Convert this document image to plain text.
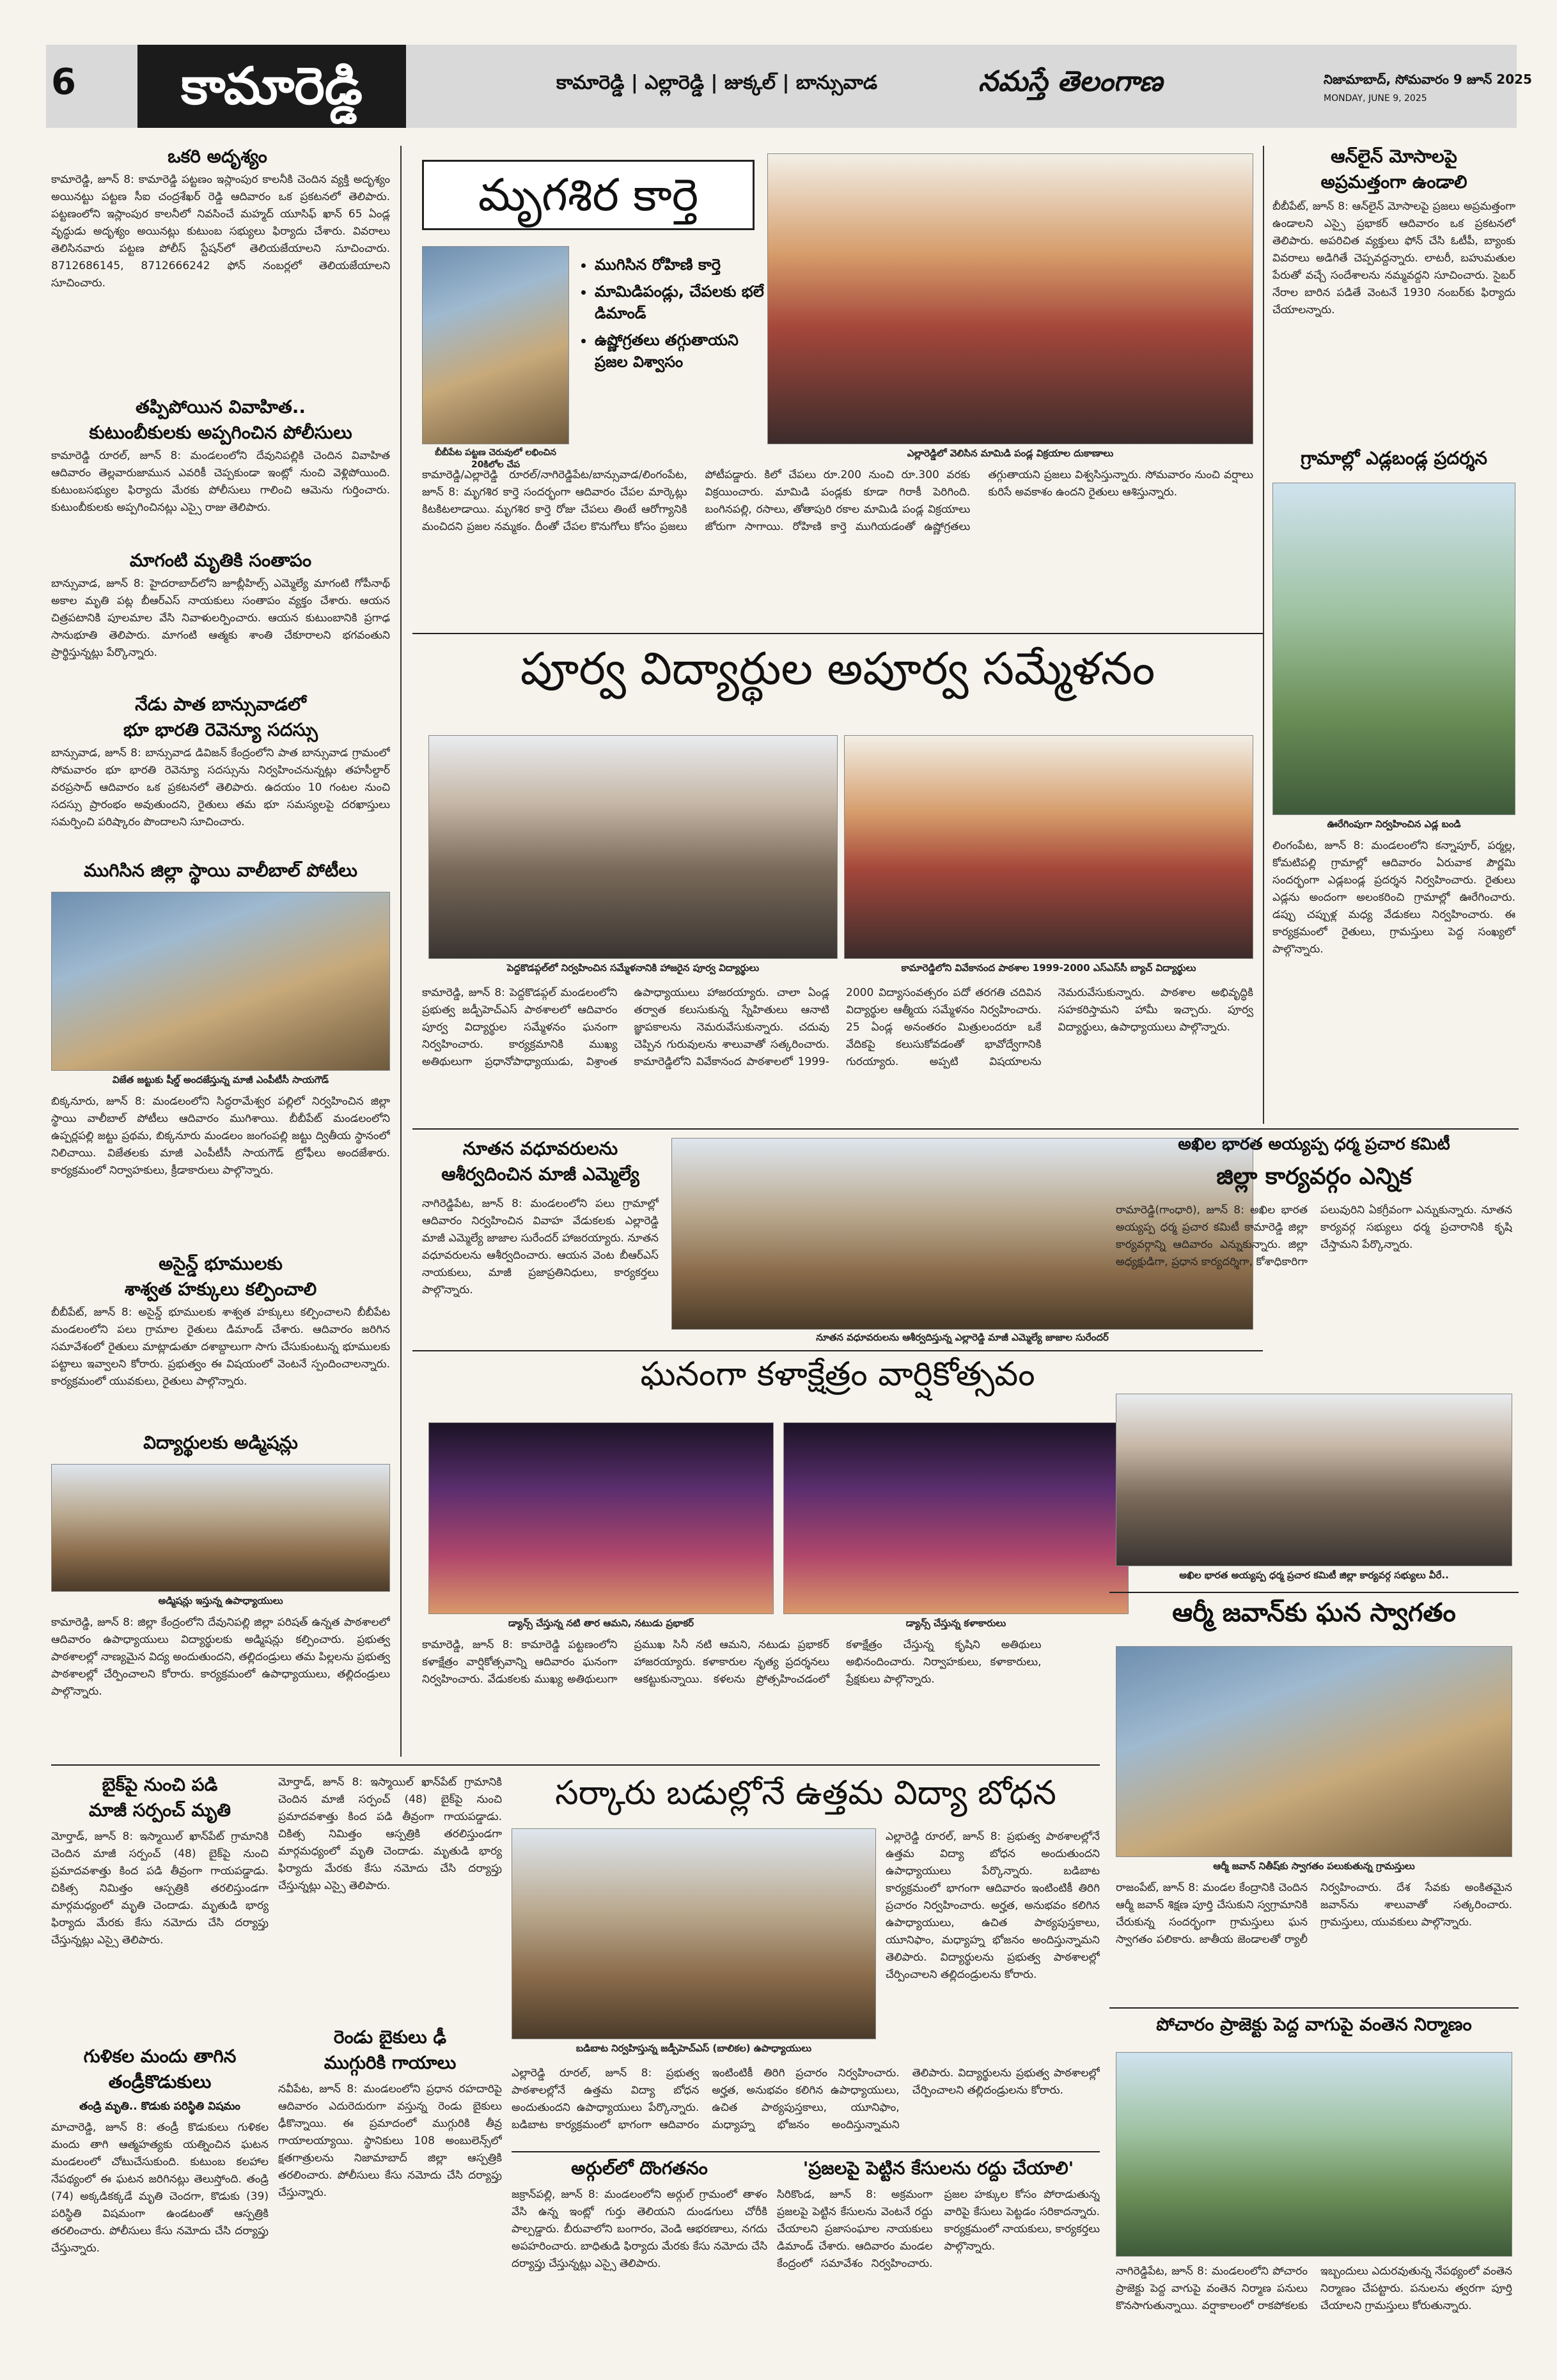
6	కామారెడ్డి	కామారెడ్డి | ఎల్లారెడ్డి | జుక్కల్ | బాన్సువాడ	నమస్తే తెలంగాణ	నిజామాబాద్, సోమవారం 9 జూన్ 2025
MONDAY, JUNE 9, 2025
ఒకరి అదృశ్యం
కామారెడ్డి, జూన్ 8: కామారెడ్డి పట్టణం ఇస్లాంపుర కాలనీకి చెందిన వ్యక్తి అదృశ్యం అయినట్టు పట్టణ సీఐ చంద్రశేఖర్ రెడ్డి ఆదివారం ఒక ప్రకటనలో తెలిపారు. పట్టణంలోని ఇస్లాంపుర కాలనీలో నివసించే మహ్మద్ యూసిఫ్ ఖాన్ 65 ఏండ్ల వృద్ధుడు అదృశ్యం అయినట్లు కుటుంబ సభ్యులు ఫిర్యాదు చేశారు. వివరాలు తెలిసినవారు పట్టణ పోలీస్ స్టేషన్‌లో తెలియజేయాలని సూచించారు. 8712686145, 8712666242 ఫోన్ నంబర్లలో తెలియజేయాలని సూచించారు.
తప్పిపోయిన వివాహిత..
కుటుంబీకులకు అప్పగించిన పోలీసులు
కామారెడ్డి రూరల్, జూన్ 8: మండలంలోని దేవునిపల్లికి చెందిన వివాహిత ఆదివారం తెల్లవారుజామున ఎవరికీ చెప్పకుండా ఇంట్లో నుంచి వెళ్లిపోయింది. కుటుంబసభ్యుల ఫిర్యాదు మేరకు పోలీసులు గాలించి ఆమెను గుర్తించారు. కుటుంబీకులకు అప్పగించినట్లు ఎస్సై రాజు తెలిపారు.
మాగంటి మృతికి సంతాపం
బాన్సువాడ, జూన్ 8: హైదరాబాద్‌లోని జూబ్లీహిల్స్ ఎమ్మెల్యే మాగంటి గోపీనాథ్ అకాల మృతి పట్ల బీఆర్ఎస్ నాయకులు సంతాపం వ్యక్తం చేశారు. ఆయన చిత్రపటానికి పూలమాల వేసి నివాళులర్పించారు. ఆయన కుటుంబానికి ప్రగాఢ సానుభూతి తెలిపారు. మాగంటి ఆత్మకు శాంతి చేకూరాలని భగవంతుని ప్రార్థిస్తున్నట్లు పేర్కొన్నారు.
నేడు పాత బాన్సువాడలో
భూ భారతి రెవెన్యూ సదస్సు
బాన్సువాడ, జూన్ 8: బాన్సువాడ డివిజన్ కేంద్రంలోని పాత బాన్సువాడ గ్రామంలో సోమవారం భూ భారతి రెవెన్యూ సదస్సును నిర్వహించనున్నట్లు తహసీల్దార్ వరప్రసాద్ ఆదివారం ఒక ప్రకటనలో తెలిపారు. ఉదయం 10 గంటల నుంచి సదస్సు ప్రారంభం అవుతుందని, రైతులు తమ భూ సమస్యలపై దరఖాస్తులు సమర్పించి పరిష్కారం పొందాలని సూచించారు.
ముగిసిన జిల్లా స్థాయి వాలీబాల్ పోటీలు
విజేత జట్టుకు షీల్డ్ అందజేస్తున్న మాజీ ఎంపీటీసీ సాయగౌడ్
బిక్కనూరు, జూన్ 8: మండలంలోని సిద్ధరామేశ్వర పల్లిలో నిర్వహించిన జిల్లా స్థాయి వాలీబాల్ పోటీలు ఆదివారం ముగిశాయి. బీబీపేట్ మండలంలోని ఉప్పర్లపల్లి జట్టు ప్రథమ, బిక్కనూరు మండలం జంగంపల్లి జట్టు ద్వితీయ స్థానంలో నిలిచాయి. విజేతలకు మాజీ ఎంపీటీసీ సాయగౌడ్ ట్రోఫీలు అందజేశారు. కార్యక్రమంలో నిర్వాహకులు, క్రీడాకారులు పాల్గొన్నారు.
అసైన్డ్ భూములకు
శాశ్వత హక్కులు కల్పించాలి
బీబీపేట్, జూన్ 8: అసైన్డ్ భూములకు శాశ్వత హక్కులు కల్పించాలని బీబీపేట మండలంలోని పలు గ్రామాల రైతులు డిమాండ్ చేశారు. ఆదివారం జరిగిన సమావేశంలో రైతులు మాట్లాడుతూ దశాబ్దాలుగా సాగు చేసుకుంటున్న భూములకు పట్టాలు ఇవ్వాలని కోరారు. ప్రభుత్వం ఈ విషయంలో వెంటనే స్పందించాలన్నారు. కార్యక్రమంలో యువకులు, రైతులు పాల్గొన్నారు.
విద్యార్థులకు అడ్మిషన్లు
అడ్మిషన్లు ఇస్తున్న ఉపాధ్యాయులు
కామారెడ్డి, జూన్ 8: జిల్లా కేంద్రంలోని దేవునిపల్లి జిల్లా పరిషత్ ఉన్నత పాఠశాలలో ఆదివారం ఉపాధ్యాయులు విద్యార్థులకు అడ్మిషన్లు కల్పించారు. ప్రభుత్వ పాఠశాలల్లో నాణ్యమైన విద్య అందుతుందని, తల్లిదండ్రులు తమ పిల్లలను ప్రభుత్వ పాఠశాలల్లో చేర్పించాలని కోరారు. కార్యక్రమంలో ఉపాధ్యాయులు, తల్లిదండ్రులు పాల్గొన్నారు.
మృగశిర కార్తె
బీబీపేట పట్టణ చెరువులో లభించిన 20కిలోల చేప
• ముగిసిన రోహిణి కార్తె
• మామిడిపండ్లు, చేపలకు భలే డిమాండ్
• ఉష్ణోగ్రతలు తగ్గుతాయని ప్రజల విశ్వాసం
ఎల్లారెడ్డిలో వెలిసిన మామిడి పండ్ల విక్రయాల దుకాణాలు
కామారెడ్డి/ఎల్లారెడ్డి రూరల్/నాగిరెడ్డిపేట/బాన్సువాడ/లింగంపేట, జూన్ 8: మృగశిర కార్తె సందర్భంగా ఆదివారం చేపల మార్కెట్లు కిటకిటలాడాయి. మృగశిర కార్తె రోజు చేపలు తింటే ఆరోగ్యానికి మంచిదని ప్రజల నమ్మకం. దీంతో చేపల కొనుగోలు కోసం ప్రజలు పోటీపడ్డారు. కిలో చేపలు రూ.200 నుంచి రూ.300 వరకు విక్రయించారు. మామిడి పండ్లకు కూడా గిరాకీ పెరిగింది. బంగినపల్లి, రసాలు, తోతాపురి రకాల మామిడి పండ్ల విక్రయాలు జోరుగా సాగాయి. రోహిణి కార్తె ముగియడంతో ఉష్ణోగ్రతలు తగ్గుతాయని ప్రజలు విశ్వసిస్తున్నారు. సోమవారం నుంచి వర్షాలు కురిసే అవకాశం ఉందని రైతులు ఆశిస్తున్నారు.
పూర్వ విద్యార్థుల అపూర్వ సమ్మేళనం
పెద్దకొడప్గల్‌లో నిర్వహించిన సమ్మేళనానికి హాజరైన పూర్వ విద్యార్థులు	కామారెడ్డిలోని వివేకానంద పాఠశాల 1999-2000 ఎస్ఎస్‌సీ బ్యాచ్ విద్యార్థులు
కామారెడ్డి, జూన్ 8: పెద్దకొడప్గల్ మండలంలోని ప్రభుత్వ జడ్పీహెచ్ఎస్ పాఠశాలలో ఆదివారం పూర్వ విద్యార్థుల సమ్మేళనం ఘనంగా నిర్వహించారు. కార్యక్రమానికి ముఖ్య అతిథులుగా ప్రధానోపాధ్యాయుడు, విశ్రాంత ఉపాధ్యాయులు హాజరయ్యారు. చాలా ఏండ్ల తర్వాత కలుసుకున్న స్నేహితులు ఆనాటి జ్ఞాపకాలను నెమరువేసుకున్నారు. చదువు చెప్పిన గురువులను శాలువాతో సత్కరించారు. కామారెడ్డిలోని వివేకానంద పాఠశాలలో 1999-2000 విద్యాసంవత్సరం పదో తరగతి చదివిన విద్యార్థుల ఆత్మీయ సమ్మేళనం నిర్వహించారు. 25 ఏండ్ల అనంతరం మిత్రులందరూ ఒకే వేదికపై కలుసుకోవడంతో భావోద్వేగానికి గురయ్యారు. అప్పటి విషయాలను నెమరువేసుకున్నారు. పాఠశాల అభివృద్ధికి సహకరిస్తామని హామీ ఇచ్చారు. పూర్వ విద్యార్థులు, ఉపాధ్యాయులు పాల్గొన్నారు.
నూతన వధూవరులను
ఆశీర్వదించిన మాజీ ఎమ్మెల్యే
నాగిరెడ్డిపేట, జూన్ 8: మండలంలోని పలు గ్రామాల్లో ఆదివారం నిర్వహించిన వివాహ వేడుకలకు ఎల్లారెడ్డి మాజీ ఎమ్మెల్యే జాజాల సురేందర్ హాజరయ్యారు. నూతన వధూవరులను ఆశీర్వదించారు. ఆయన వెంట బీఆర్ఎస్ నాయకులు, మాజీ ప్రజాప్రతినిధులు, కార్యకర్తలు పాల్గొన్నారు.
నూతన వధూవరులను ఆశీర్వదిస్తున్న ఎల్లారెడ్డి మాజీ ఎమ్మెల్యే జాజాల సురేందర్
ఘనంగా కళాక్షేత్రం వార్షికోత్సవం
డ్యాన్స్ చేస్తున్న నటి తార ఆమని, నటుడు ప్రభాకర్	డ్యాన్స్ చేస్తున్న కళాకారులు
కామారెడ్డి, జూన్ 8: కామారెడ్డి పట్టణంలోని కళాక్షేత్రం వార్షికోత్సవాన్ని ఆదివారం ఘనంగా నిర్వహించారు. వేడుకలకు ముఖ్య అతిథులుగా ప్రముఖ సినీ నటి ఆమని, నటుడు ప్రభాకర్ హాజరయ్యారు. కళాకారుల నృత్య ప్రదర్శనలు ఆకట్టుకున్నాయి. కళలను ప్రోత్సహించడంలో కళాక్షేత్రం చేస్తున్న కృషిని అతిథులు అభినందించారు. నిర్వాహకులు, కళాకారులు, ప్రేక్షకులు పాల్గొన్నారు.
ఆన్‌లైన్ మోసాలపై
అప్రమత్తంగా ఉండాలి
బీబీపేట్, జూన్ 8: ఆన్‌లైన్ మోసాలపై ప్రజలు అప్రమత్తంగా ఉండాలని ఎస్సై ప్రభాకర్ ఆదివారం ఒక ప్రకటనలో తెలిపారు. అపరిచిత వ్యక్తులు ఫోన్ చేసి ఓటీపీ, బ్యాంకు వివరాలు అడిగితే చెప్పవద్దన్నారు. లాటరీ, బహుమతుల పేరుతో వచ్చే సందేశాలను నమ్మవద్దని సూచించారు. సైబర్ నేరాల బారిన పడితే వెంటనే 1930 నంబర్‌కు ఫిర్యాదు చేయాలన్నారు.
గ్రామాల్లో ఎడ్లబండ్ల ప్రదర్శన
ఊరేగింపుగా నిర్వహించిన ఎడ్ల బండి
లింగంపేట, జూన్ 8: మండలంలోని కన్నాపూర్, పర్మల్ల, కోమటిపల్లి గ్రామాల్లో ఆదివారం ఏరువాక పౌర్ణమి సందర్భంగా ఎడ్లబండ్ల ప్రదర్శన నిర్వహించారు. రైతులు ఎడ్లను అందంగా అలంకరించి గ్రామాల్లో ఊరేగించారు. డప్పు చప్పుళ్ల మధ్య వేడుకలు నిర్వహించారు. ఈ కార్యక్రమంలో రైతులు, గ్రామస్తులు పెద్ద సంఖ్యలో పాల్గొన్నారు.
అఖిల భారత అయ్యప్ప ధర్మ ప్రచార కమిటీ
జిల్లా కార్యవర్గం ఎన్నిక
రామారెడ్డి(గాంధారి), జూన్ 8: అఖిల భారత అయ్యప్ప ధర్మ ప్రచార కమిటీ కామారెడ్డి జిల్లా కార్యవర్గాన్ని ఆదివారం ఎన్నుకున్నారు. జిల్లా అధ్యక్షుడిగా, ప్రధాన కార్యదర్శిగా, కోశాధికారిగా పలువురిని ఏకగ్రీవంగా ఎన్నుకున్నారు. నూతన కార్యవర్గ సభ్యులు ధర్మ ప్రచారానికి కృషి చేస్తామని పేర్కొన్నారు.
అఖిల భారత అయ్యప్ప ధర్మ ప్రచార కమిటీ జిల్లా కార్యవర్గ సభ్యులు వీరే..
ఆర్మీ జవాన్‌కు ఘన స్వాగతం
ఆర్మీ జవాన్ నితీష్‌కు స్వాగతం పలుకుతున్న గ్రామస్తులు
రాజంపేట్, జూన్ 8: మండల కేంద్రానికి చెందిన ఆర్మీ జవాన్ శిక్షణ పూర్తి చేసుకుని స్వగ్రామానికి చేరుకున్న సందర్భంగా గ్రామస్తులు ఘన స్వాగతం పలికారు. జాతీయ జెండాలతో ర్యాలీ నిర్వహించారు. దేశ సేవకు అంకితమైన జవాన్‌ను శాలువాతో సత్కరించారు. గ్రామస్తులు, యువకులు పాల్గొన్నారు.
పోచారం ప్రాజెక్టు పెద్ద వాగుపై వంతెన నిర్మాణం
నాగిరెడ్డిపేట, జూన్ 8: మండలంలోని పోచారం ప్రాజెక్టు పెద్ద వాగుపై వంతెన నిర్మాణ పనులు కొనసాగుతున్నాయి. వర్షాకాలంలో రాకపోకలకు ఇబ్బందులు ఎదురవుతున్న నేపథ్యంలో వంతెన నిర్మాణం చేపట్టారు. పనులను త్వరగా పూర్తి చేయాలని గ్రామస్తులు కోరుతున్నారు.
సర్కారు బడుల్లోనే ఉత్తమ విద్యా బోధన
బడిబాట నిర్వహిస్తున్న జడ్పీహెచ్ఎస్ (బాలికల) ఉపాధ్యాయులు
ఎల్లారెడ్డి రూరల్, జూన్ 8: ప్రభుత్వ పాఠశాలల్లోనే ఉత్తమ విద్యా బోధన అందుతుందని ఉపాధ్యాయులు పేర్కొన్నారు. బడిబాట కార్యక్రమంలో భాగంగా ఆదివారం ఇంటింటికీ తిరిగి ప్రచారం నిర్వహించారు. అర్హత, అనుభవం కలిగిన ఉపాధ్యాయులు, ఉచిత పాఠ్యపుస్తకాలు, యూనిఫాం, మధ్యాహ్న భోజనం అందిస్తున్నామని తెలిపారు. విద్యార్థులను ప్రభుత్వ పాఠశాలల్లో చేర్పించాలని తల్లిదండ్రులను కోరారు.
బైక్‌పై నుంచి పడి
మాజీ సర్పంచ్ మృతి
మోర్తాడ్, జూన్ 8: ఇస్మాయిల్ ఖాన్‌పేట్ గ్రామానికి చెందిన మాజీ సర్పంచ్ (48) బైక్‌పై నుంచి ప్రమాదవశాత్తు కింద పడి తీవ్రంగా గాయపడ్డాడు. చికిత్స నిమిత్తం ఆస్పత్రికి తరలిస్తుండగా మార్గమధ్యంలో మృతి చెందాడు. మృతుడి భార్య ఫిర్యాదు మేరకు కేసు నమోదు చేసి దర్యాప్తు చేస్తున్నట్లు ఎస్సై తెలిపారు.
గుళికల మందు తాగిన
తండ్రీకొడుకులు
తండ్రి మృతి.. కొడుకు పరిస్థితి విషమం
మాచారెడ్డి, జూన్ 8: తండ్రీ కొడుకులు గుళికల మందు తాగి ఆత్మహత్యకు యత్నించిన ఘటన మండలంలో చోటుచేసుకుంది. కుటుంబ కలహాల నేపథ్యంలో ఈ ఘటన జరిగినట్లు తెలుస్తోంది. తండ్రి (74) అక్కడికక్కడే మృతి చెందగా, కొడుకు (39) పరిస్థితి విషమంగా ఉండటంతో ఆస్పత్రికి తరలించారు. పోలీసులు కేసు నమోదు చేసి దర్యాప్తు చేస్తున్నారు.
మోర్తాడ్, జూన్ 8: ఇస్మాయిల్ ఖాన్‌పేట్ గ్రామానికి చెందిన మాజీ సర్పంచ్ (48) బైక్‌పై నుంచి ప్రమాదవశాత్తు కింద పడి తీవ్రంగా గాయపడ్డాడు. చికిత్స నిమిత్తం ఆస్పత్రికి తరలిస్తుండగా మార్గమధ్యంలో మృతి చెందాడు. మృతుడి భార్య ఫిర్యాదు మేరకు కేసు నమోదు చేసి దర్యాప్తు చేస్తున్నట్లు ఎస్సై తెలిపారు.
రెండు బైకులు ఢీ
ముగ్గురికి గాయాలు
నవీపేట, జూన్ 8: మండలంలోని ప్రధాన రహదారిపై ఆదివారం ఎదురెదురుగా వస్తున్న రెండు బైకులు ఢీకొన్నాయి. ఈ ప్రమాదంలో ముగ్గురికి తీవ్ర గాయాలయ్యాయి. స్థానికులు 108 అంబులెన్స్‌లో క్షతగాత్రులను నిజామాబాద్ జిల్లా ఆస్పత్రికి తరలించారు. పోలీసులు కేసు నమోదు చేసి దర్యాప్తు చేస్తున్నారు.
ఎల్లారెడ్డి రూరల్, జూన్ 8: ప్రభుత్వ పాఠశాలల్లోనే ఉత్తమ విద్యా బోధన అందుతుందని ఉపాధ్యాయులు పేర్కొన్నారు. బడిబాట కార్యక్రమంలో భాగంగా ఆదివారం ఇంటింటికీ తిరిగి ప్రచారం నిర్వహించారు. అర్హత, అనుభవం కలిగిన ఉపాధ్యాయులు, ఉచిత పాఠ్యపుస్తకాలు, యూనిఫాం, మధ్యాహ్న భోజనం అందిస్తున్నామని తెలిపారు. విద్యార్థులను ప్రభుత్వ పాఠశాలల్లో చేర్పించాలని తల్లిదండ్రులను కోరారు.
అర్గుల్‌లో దొంగతనం
జక్రాన్‌పల్లి, జూన్ 8: మండలంలోని అర్గుల్ గ్రామంలో తాళం వేసి ఉన్న ఇంట్లో గుర్తు తెలియని దుండగులు చోరీకి పాల్పడ్డారు. బీరువాలోని బంగారం, వెండి ఆభరణాలు, నగదు అపహరించారు. బాధితుడి ఫిర్యాదు మేరకు కేసు నమోదు చేసి దర్యాప్తు చేస్తున్నట్లు ఎస్సై తెలిపారు.
'ప్రజలపై పెట్టిన కేసులను రద్దు చేయాలి'
సిరికొండ, జూన్ 8: అక్రమంగా ప్రజలపై పెట్టిన కేసులను వెంటనే రద్దు చేయాలని ప్రజాసంఘాల నాయకులు డిమాండ్ చేశారు. ఆదివారం మండల కేంద్రంలో సమావేశం నిర్వహించారు. ప్రజల హక్కుల కోసం పోరాడుతున్న వారిపై కేసులు పెట్టడం సరికాదన్నారు. కార్యక్రమంలో నాయకులు, కార్యకర్తలు పాల్గొన్నారు.
